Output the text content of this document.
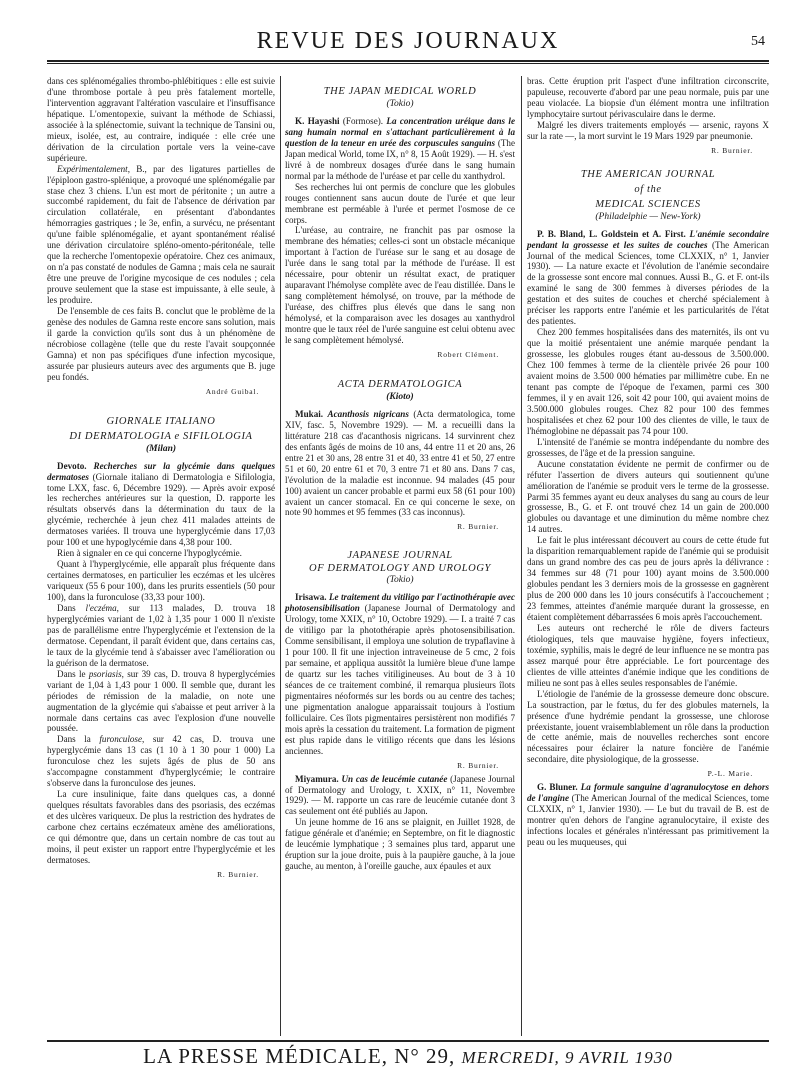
REVUE DES JOURNAUX	54

dans ces splénomégalies thrombo-phlébitiques : elle est suivie d'une thrombose portale à peu près fatalement mortelle, l'intervention aggravant l'altération vasculaire et l'insuffisance hépatique. L'omentopexie, suivant la méthode de Schiassi, associée à la splénectomie, suivant la technique de Tansini ou, mieux, isolée, est, au contraire, indiquée : elle crée une dérivation de la circulation portale vers la veine-cave supérieure.

Expérimentalement, B., par des ligatures partielles de l'épiploon gastro-splénique, a provoqué une splénomégalie par stase chez 3 chiens. L'un est mort de péritonite ; un autre a succombé rapidement, du fait de l'absence de dérivation par circulation collatérale, en présentant d'abondantes hémorragies gastriques ; le 3e, enfin, a survécu, ne présentant qu'une faible splénomégalie, et ayant spontanément réalisé une dérivation circulatoire spléno-omento-péritonéale, telle que la recherche l'omentopexie opératoire. Chez ces animaux, on n'a pas constaté de nodules de Gamna ; mais cela ne saurait être une preuve de l'origine mycosique de ces nodules ; cela prouve seulement que la stase est impuissante, à elle seule, à les produire.

De l'ensemble de ces faits B. conclut que le problème de la genèse des nodules de Gamna reste encore sans solution, mais il garde la conviction qu'ils sont dus à un phénomène de nécrobiose collagène (telle que du reste l'avait soupçonnée Gamna) et non pas spécifiques d'une infection mycosique, assurée par plusieurs auteurs avec des arguments que B. juge peu fondés.

André Guibal.
GIORNALE ITALIANO
DI DERMATOLOGIA e SIFILOLOGIA
(Milan)

Devoto. Recherches sur la glycémie dans quelques dermatoses (Giornale italiano di Dermatologia e Sifilologia, tome LXX, fasc. 6, Décembre 1929). — Après avoir exposé les recherches antérieures sur la question, D. rapporte les résultats observés dans la détermination du taux de la glycémie, recherchée à jeun chez 411 malades atteints de dermatoses variées. Il trouva une hyperglycémie dans 17,03 pour 100 et une hypoglycémie dans 4,38 pour 100.

Rien à signaler en ce qui concerne l'hypoglycémie.

Quant à l'hyperglycémie, elle apparaît plus fréquente dans certaines dermatoses, en particulier les eczémas et les ulcères variqueux (55 6 pour 100), dans les prurits essentiels (50 pour 100), dans la furonculose (33,33 pour 100).

Dans l'eczéma, sur 113 malades, D. trouva 18 hyperglycémies variant de 1,02 à 1,35 pour 1 000 Il n'existe pas de parallélisme entre l'hyperglycémie et l'extension de la dermatose. Cependant, il paraît évident que, dans certains cas, le taux de la glycémie tend à s'abaisser avec l'amélioration ou la guérison de la dermatose.

Dans le psoriasis, sur 39 cas, D. trouva 8 hyperglycémies variant de 1,04 à 1,43 pour 1 000. Il semble que, durant les périodes de rémission de la maladie, on note une augmentation de la glycémie qui s'abaisse et peut arriver à la normale dans certains cas avec l'explosion d'une nouvelle poussée.

Dans la furonculose, sur 42 cas, D. trouva une hyperglycémie dans 13 cas (1 10 à 1 30 pour 1 000) La furonculose chez les sujets âgés de plus de 50 ans s'accompagne constamment d'hyperglycémie; le contraire s'observe dans la furonculose des jeunes.

La cure insulinique, faite dans quelques cas, a donné quelques résultats favorables dans des psoriasis, des eczémas et des ulcères variqueux. De plus la restriction des hydrates de carbone chez certains eczémateux amène des améliorations, ce qui démontre que, dans un certain nombre de cas tout au moins, il peut exister un rapport entre l'hyperglycémie et les dermatoses.

R. Burnier.
THE JAPAN MEDICAL WORLD
(Tokio)

K. Hayashi (Formose). La concentration uréique dans le sang humain normal en s'attachant particulièrement à la question de la teneur en urée des corpuscules sanguins (The Japan medical World, tome IX, n° 8, 15 Août 1929). — H. s'est livré à de nombreux dosages d'urée dans le sang humain normal par la méthode de l'uréase et par celle du xanthydrol.

Ses recherches lui ont permis de conclure que les globules rouges contiennent sans aucun doute de l'urée et que leur membrane est perméable à l'urée et permet l'osmose de ce corps.

L'uréase, au contraire, ne franchit pas par osmose la membrane des hématies; celles-ci sont un obstacle mécanique important à l'action de l'uréase sur le sang et au dosage de l'urée dans le sang total par la méthode de l'uréase. Il est nécessaire, pour obtenir un résultat exact, de pratiquer auparavant l'hémolyse complète avec de l'eau distillée. Dans le sang complètement hémolysé, on trouve, par la méthode de l'uréase, des chiffres plus élevés que dans le sang non hémolysé, et la comparaison avec les dosages au xanthydrol montre que le taux réel de l'urée sanguine est celui obtenu avec le sang complètement hémolysé.

Robert Clément.
ACTA DERMATOLOGICA
(Kioto)

Mukai. Acanthosis nigricans (Acta dermatologica, tome XIV, fasc. 5, Novembre 1929). — M. a recueilli dans la littérature 218 cas d'acanthosis nigricans. 14 survinrent chez des enfants âgés de moins de 10 ans, 44 entre 11 et 20 ans, 26 entre 21 et 30 ans, 28 entre 31 et 40, 33 entre 41 et 50, 27 entre 51 et 60, 20 entre 61 et 70, 3 entre 71 et 80 ans. Dans 7 cas, l'évolution de la maladie est inconnue. 94 malades (45 pour 100) avaient un cancer probable et parmi eux 58 (61 pour 100) avaient un cancer stomacal. En ce qui concerne le sexe, on note 90 hommes et 95 femmes (33 cas inconnus).

R. Burnier.
JAPANESE JOURNAL
OF DERMATOLOGY AND UROLOGY
(Tokio)

Irisawa. Le traitement du vitiligo par l'actinothérapie avec photosensibilisation (Japanese Journal of Dermatology and Urology, tome XXIX, n° 10, Octobre 1929). — I. a traité 7 cas de vitiligo par la photothérapie après photosensibilisation. Comme sensibilisant, il employa une solution de trypaflavine à 1 pour 100. Il fit une injection intraveineuse de 5 cmc, 2 fois par semaine, et appliqua aussitôt la lumière bleue d'une lampe de quartz sur les taches vitiligineuses. Au bout de 3 à 10 séances de ce traitement combiné, il remarqua plusieurs îlots pigmentaires néoformés sur les bords ou au centre des taches; une pigmentation analogue apparaissait toujours à l'ostium folliculaire. Ces îlots pigmentaires persistèrent non modifiés 7 mois après la cessation du traitement. La formation de pigment est plus rapide dans le vitiligo récents que dans les lésions anciennes.

R. Burnier.

Miyamura. Un cas de leucémie cutanée (Japanese Journal of Dermatology and Urology, t. XXIX, n° 11, Novembre 1929). — M. rapporte un cas rare de leucémie cutanée dont 3 cas seulement ont été publiés au Japon.

Un jeune homme de 16 ans se plaignit, en Juillet 1928, de fatigue générale et d'anémie; en Septembre, on fit le diagnostic de leucémie lymphatique ; 3 semaines plus tard, apparut une éruption sur la joue droite, puis à la paupière gauche, à la joue gauche, au menton, à l'oreille gauche, aux épaules et aux

bras. Cette éruption prit l'aspect d'une infiltration circonscrite, papuleuse, recouverte d'abord par une peau normale, puis par une peau violacée. La biopsie d'un élément montra une infiltration lymphocytaire surtout périvasculaire dans le derme.

Malgré les divers traitements employés — arsenic, rayons X sur la rate —, la mort survint le 19 Mars 1929 par pneumonie.

R. Burnier.
THE AMERICAN JOURNAL
of the
MEDICAL SCIENCES
(Philadelphie — New-York)

P. B. Bland, L. Goldstein et A. First. L'anémie secondaire pendant la grossesse et les suites de couches (The American Journal of the medical Sciences, tome CLXXIX, n° 1, Janvier 1930). — La nature exacte et l'évolution de l'anémie secondaire de la grossesse sont encore mal connues. Aussi B., G. et F. ont-ils examiné le sang de 300 femmes à diverses périodes de la gestation et des suites de couches et cherché spécialement à préciser les rapports entre l'anémie et les particularités de l'état des patientes.

Chez 200 femmes hospitalisées dans des maternités, ils ont vu que la moitié présentaient une anémie marquée pendant la grossesse, les globules rouges étant au-dessous de 3.500.000. Chez 100 femmes à terme de la clientèle privée 26 pour 100 avaient moins de 3.500 000 hématies par millimètre cube. En ne tenant pas compte de l'époque de l'examen, parmi ces 300 femmes, il y en avait 126, soit 42 pour 100, qui avaient moins de 3.500.000 globules rouges. Chez 82 pour 100 des femmes hospitalisées et chez 62 pour 100 des clientes de ville, le taux de l'hémoglobine ne dépassait pas 74 pour 100.

L'intensité de l'anémie se montra indépendante du nombre des grossesses, de l'âge et de la pression sanguine.

Aucune constatation évidente ne permit de confirmer ou de réfuter l'assertion de divers auteurs qui soutiennent qu'une amélioration de l'anémie se produit vers le terme de la grossesse. Parmi 35 femmes ayant eu deux analyses du sang au cours de leur grossesse, B., G. et F. ont trouvé chez 14 un gain de 200.000 globules ou davantage et une diminution du même nombre chez 14 autres.

Le fait le plus intéressant découvert au cours de cette étude fut la disparition remarquablement rapide de l'anémie qui se produisit dans un grand nombre des cas peu de jours après la délivrance : 34 femmes sur 48 (71 pour 100) ayant moins de 3.500.000 globules pendant les 3 derniers mois de la grossesse en gagnèrent plus de 200 000 dans les 10 jours consécutifs à l'accouchement ; 23 femmes, atteintes d'anémie marquée durant la grossesse, en étaient complètement débarrassées 6 mois après l'accouchement.

Les auteurs ont recherché le rôle de divers facteurs étiologiques, tels que mauvaise hygiène, foyers infectieux, toxémie, syphilis, mais le degré de leur influence ne se montra pas assez marqué pour être appréciable. Le fort pourcentage des clientes de ville atteintes d'anémie indique que les conditions de milieu ne sont pas à elles seules responsables de l'anémie.

L'étiologie de l'anémie de la grossesse demeure donc obscure. La soustraction, par le fœtus, du fer des globules maternels, la présence d'une hydrémie pendant la grossesse, une chlorose préexistante, jouent vraisemblablement un rôle dans la production de cette anémie, mais de nouvelles recherches sont encore nécessaires pour éclairer la nature foncière de l'anémie secondaire, dite physiologique, de la grossesse.

P.-L. Marie.

G. Bluner. La formule sanguine d'agranulocytose en dehors de l'angine (The American Journal of the medical Sciences, tome CLXXIX, n° 1, Janvier 1930). — Le but du travail de B. est de montrer qu'en dehors de l'angine agranulocytaire, il existe des infections locales et générales n'intéressant pas primitivement la peau ou les muqueuses, qui

LA PRESSE MÉDICALE, N° 29, MERCREDI, 9 AVRIL 1930
